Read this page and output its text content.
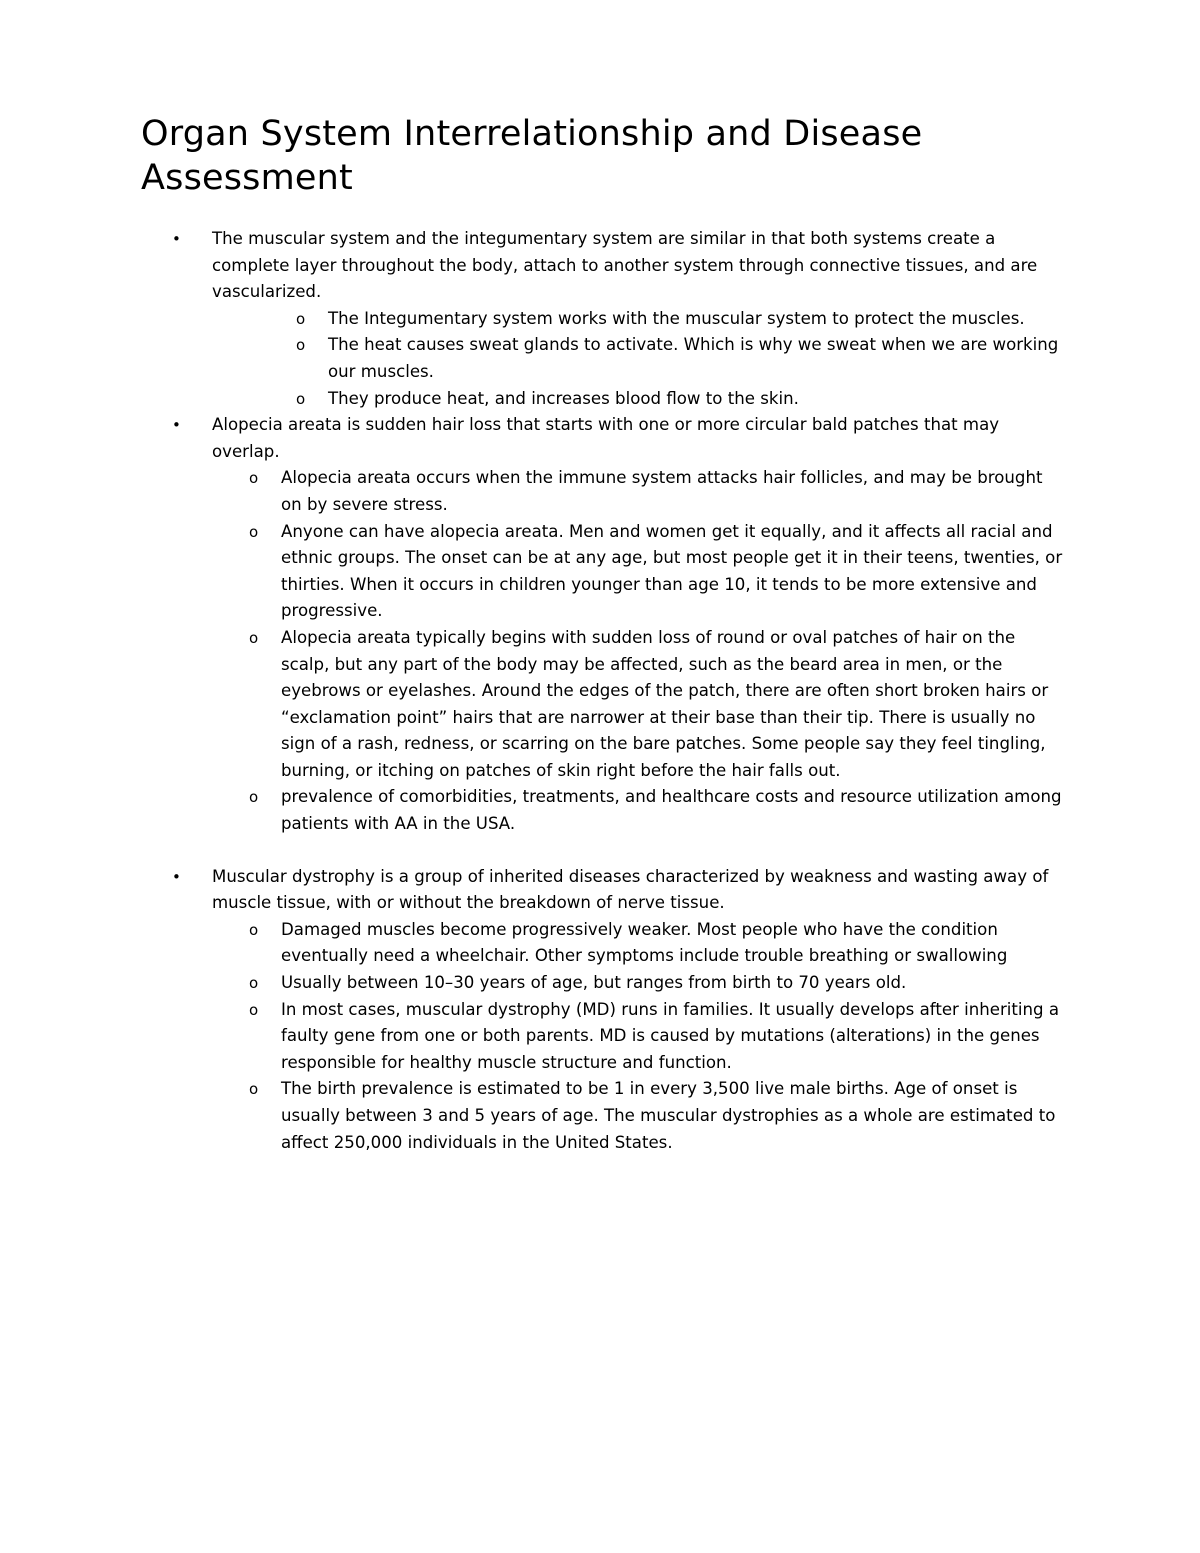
Organ System Interrelationship and Disease Assessment
• The muscular system and the integumentary system are similar in that both systems create a complete layer throughout the body, attach to another system through connective tissues, and are vascularized.
o The Integumentary system works with the muscular system to protect the muscles.
o The heat causes sweat glands to activate. Which is why we sweat when we are working our muscles.
o They produce heat, and increases blood flow to the skin.
• Alopecia areata is sudden hair loss that starts with one or more circular bald patches that may overlap.
o Alopecia areata occurs when the immune system attacks hair follicles, and may be brought on by severe stress.
o Anyone can have alopecia areata. Men and women get it equally, and it affects all racial and ethnic groups. The onset can be at any age, but most people get it in their teens, twenties, or thirties. When it occurs in children younger than age 10, it tends to be more extensive and progressive.
o Alopecia areata typically begins with sudden loss of round or oval patches of hair on the scalp, but any part of the body may be affected, such as the beard area in men, or the eyebrows or eyelashes. Around the edges of the patch, there are often short broken hairs or “exclamation point” hairs that are narrower at their base than their tip. There is usually no sign of a rash, redness, or scarring on the bare patches. Some people say they feel tingling, burning, or itching on patches of skin right before the hair falls out.
o prevalence of comorbidities, treatments, and healthcare costs and resource utilization among patients with AA in the USA.
• Muscular dystrophy is a group of inherited diseases characterized by weakness and wasting away of muscle tissue, with or without the breakdown of nerve tissue.
o Damaged muscles become progressively weaker. Most people who have the condition eventually need a wheelchair. Other symptoms include trouble breathing or swallowing
o Usually between 10–30 years of age, but ranges from birth to 70 years old.
o In most cases, muscular dystrophy (MD) runs in families. It usually develops after inheriting a faulty gene from one or both parents. MD is caused by mutations (alterations) in the genes responsible for healthy muscle structure and function.
o The birth prevalence is estimated to be 1 in every 3,500 live male births. Age of onset is usually between 3 and 5 years of age. The muscular dystrophies as a whole are estimated to affect 250,000 individuals in the United States.
